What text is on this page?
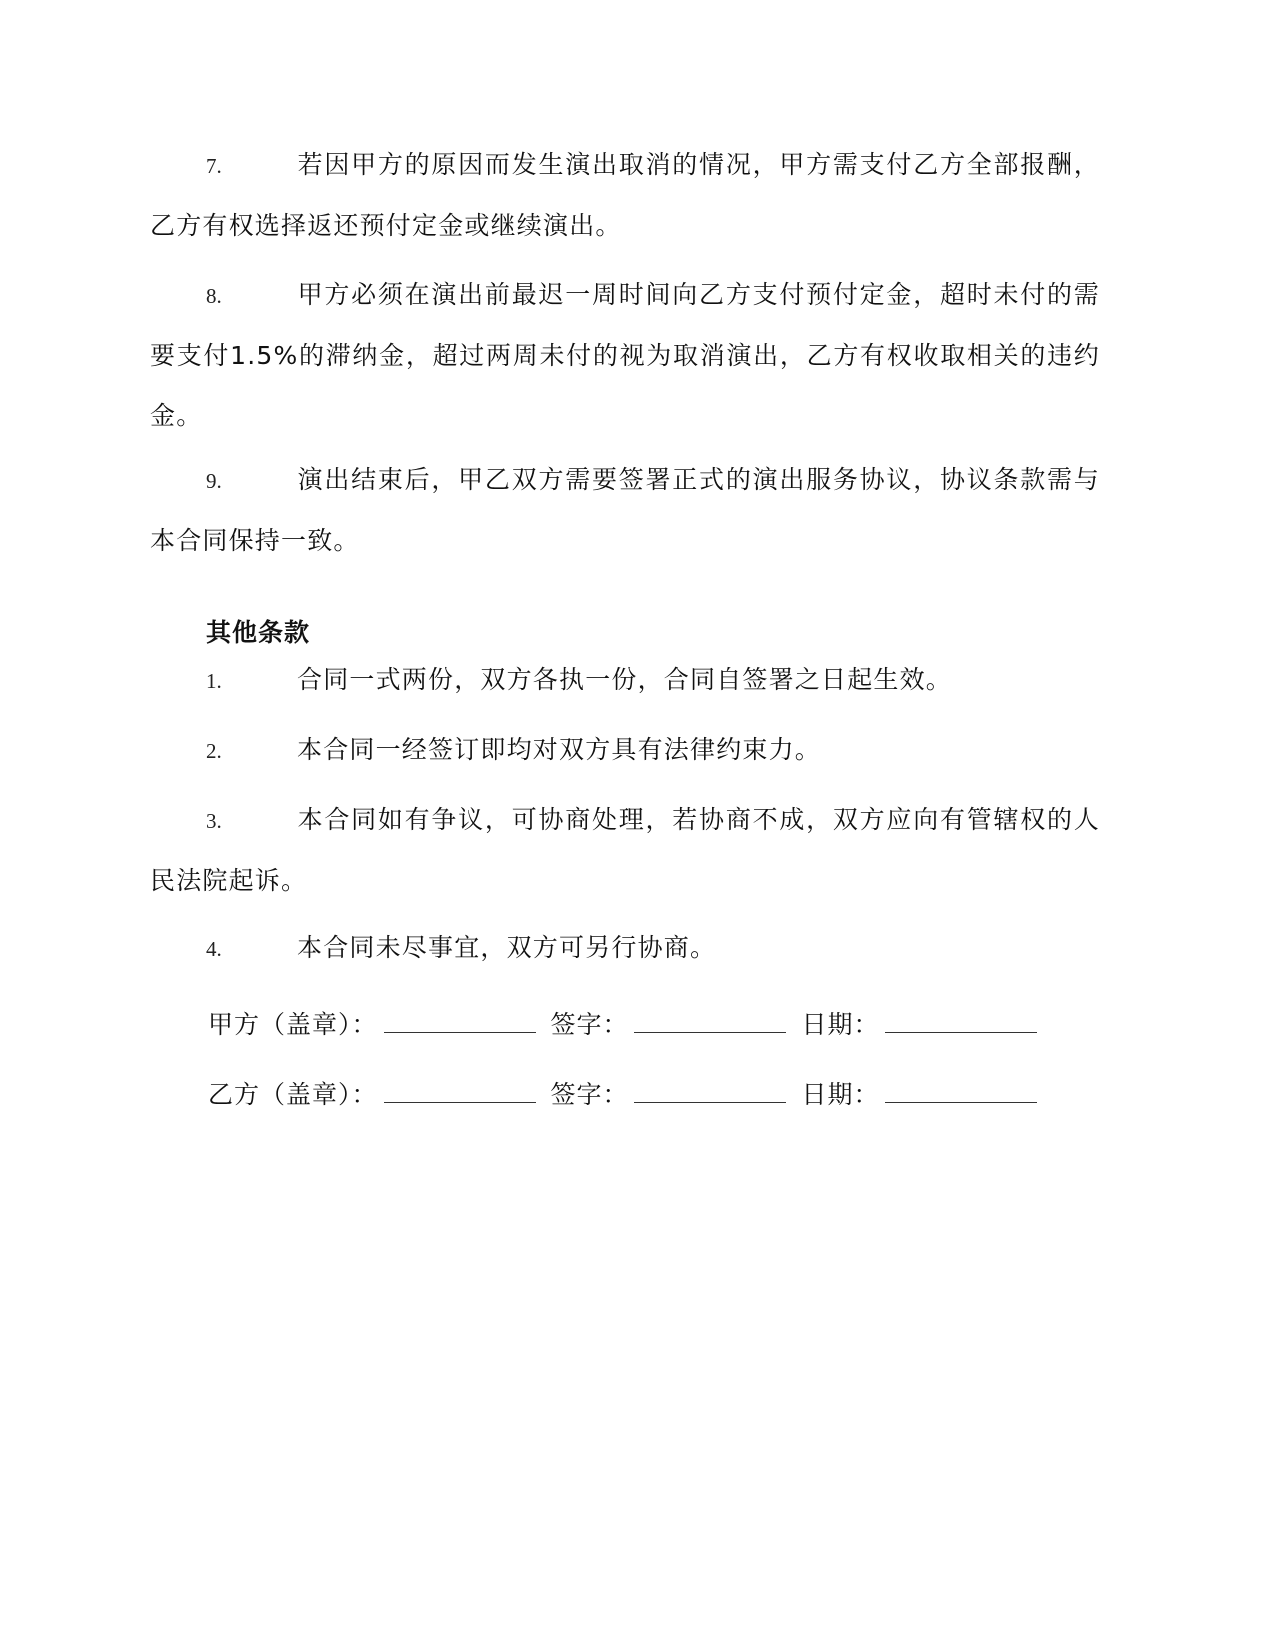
7.	若因甲方的原因而发生演出取消的情况，甲方需支付乙方全部报酬，乙方有权选择返还预付定金或继续演出。

8.	甲方必须在演出前最迟一周时间向乙方支付预付定金，超时未付的需要支付1.5%的滞纳金，超过两周未付的视为取消演出，乙方有权收取相关的违约金。

9.	演出结束后，甲乙双方需要签署正式的演出服务协议，协议条款需与本合同保持一致。

其他条款

1.	合同一式两份，双方各执一份，合同自签署之日起生效。

2.	本合同一经签订即均对双方具有法律约束力。

3.	本合同如有争议，可协商处理，若协商不成，双方应向有管辖权的人民法院起诉。

4.	本合同未尽事宜，双方可另行协商。

甲方（盖章）：	签字：	日期：
乙方（盖章）：	签字：	日期：
